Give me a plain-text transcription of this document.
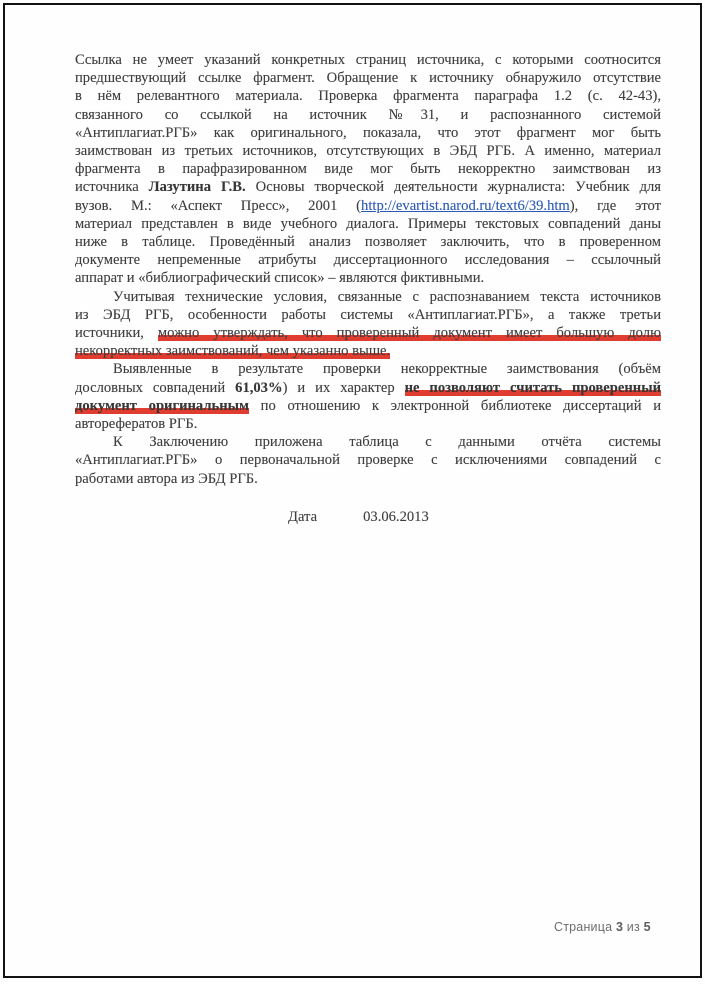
Ссылка не умеет указаний конкретных страниц источника, с которыми соотносится
предшествующий ссылке фрагмент. Обращение к источнику обнаружило отсутствие
в нём релевантного материала. Проверка фрагмента параграфа 1.2 (с. 42-43),
связанного со ссылкой на источник №31, и распознанного системой
«Антиплагиат.РГБ» как оригинального, показала, что этот фрагмент мог быть
заимствован из третьих источников, отсутствующих в ЭБД РГБ. А именно, материал
фрагмента в парафразированном виде мог быть некорректно заимствован из
источника Лазутина Г.В. Основы творческой деятельности журналиста: Учебник для
вузов. М.: «Аспект Пресс», 2001 (http://evartist.narod.ru/text6/39.htm), где этот
материал представлен в виде учебного диалога. Примеры текстовых совпадений даны
ниже в таблице. Проведённый анализ позволяет заключить, что в проверенном
документе непременные атрибуты диссертационного исследования – ссылочный
аппарат и «библиографический список» – являются фиктивными.
Учитывая технические условия, связанные с распознаванием текста источников
из ЭБД РГБ, особенности работы системы «Антиплагиат.РГБ», а также третьи
источники, можно утверждать, что проверенный документ имеет большую долю
некорректных заимствований, чем указанно выше.
Выявленные в результате проверки некорректные заимствования (объём
дословных совпадений 61,03%) и их характер не позволяют считать проверенный
документ оригинальным по отношению к электронной библиотеке диссертаций и
авторефератов РГБ.
К Заключению приложена таблица с данными отчёта системы
«Антиплагиат.РГБ» о первоначальной проверке с исключениями совпадений с
работами автора из ЭБД РГБ.
Дата	03.06.2013
Страница 3 из 5
